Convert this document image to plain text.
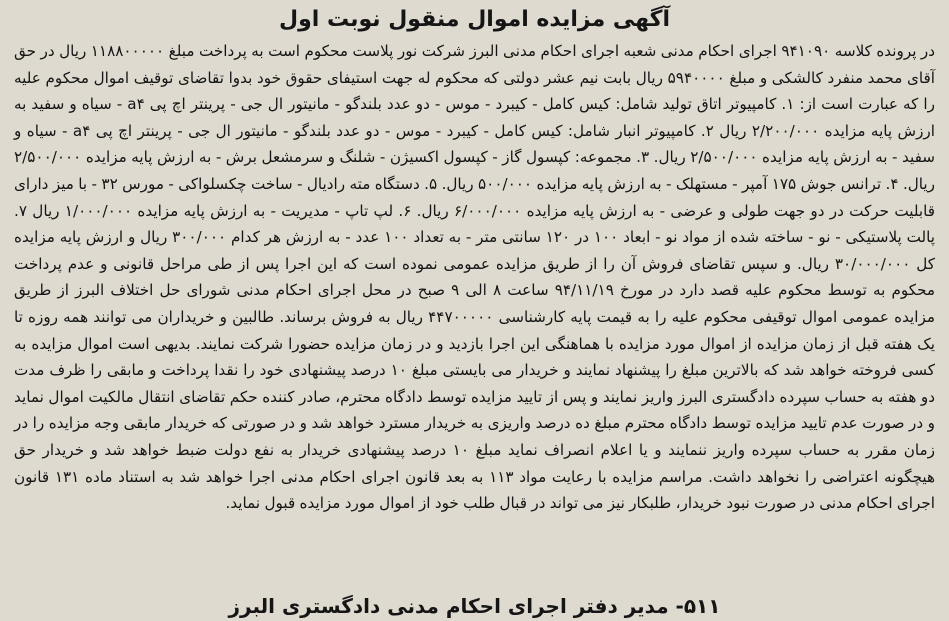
آگهی مزایده اموال منقول نوبت اول

در پرونده کلاسه ۹۴۱۰۹۰ اجرای احکام مدنی شعبه اجرای احکام مدنی البرز شرکت نور پلاست محکوم است به پرداخت مبلغ ۱۱۸۸۰۰۰۰۰ ریال در حق آقای محمد منفرد کالشکی و مبلغ ۵۹۴۰۰۰۰ ریال بابت نیم عشر دولتی که محکوم له جهت استیفای حقوق خود بدوا تقاضای توقیف اموال محکوم علیه را که عبارت است از: ۱. کامپیوتر اتاق تولید شامل: کیس کامل - کیبرد - موس - دو عدد بلندگو - مانیتور ال جی - پرینتر اچ پی a۴ - سیاه و سفید به ارزش پایه مزایده ۲/۲۰۰/۰۰۰ ریال ۲. کامپیوتر انبار شامل: کیس کامل - کیبرد - موس - دو عدد بلندگو - مانیتور ال جی - پرینتر اچ پی a۴ - سیاه و سفید - به ارزش پایه مزایده ۲/۵۰۰/۰۰۰ ریال. ۳. مجموعه: کپسول گاز - کپسول اکسیژن - شلنگ و سرمشعل برش - به ارزش پایه مزایده ۲/۵۰۰/۰۰۰ ریال. ۴. ترانس جوش ۱۷۵ آمپر - مستهلک - به ارزش پایه مزایده ۵۰۰/۰۰۰ ریال. ۵. دستگاه مته رادیال - ساخت چکسلواکی - مورس ۳۲ - با میز دارای قابلیت حرکت در دو جهت طولی و عرضی - به ارزش پایه مزایده ۶/۰۰۰/۰۰۰ ریال. ۶. لپ تاپ - مدیریت - به ارزش پایه مزایده ۱/۰۰۰/۰۰۰ ریال ۷. پالت پلاستیکی - نو - ساخته شده از مواد نو - ابعاد ۱۰۰ در ۱۲۰ سانتی متر - به تعداد ۱۰۰ عدد - به ارزش هر کدام ۳۰۰/۰۰۰ ریال و ارزش پایه مزایده کل ۳۰/۰۰۰/۰۰۰ ریال. و سپس تقاضای فروش آن را از طریق مزایده عمومی نموده است که این اجرا پس از طی مراحل قانونی و عدم پرداخت محکوم به توسط محکوم علیه قصد دارد در مورخ ۹۴/۱۱/۱۹ ساعت ۸ الی ۹ صبح در محل اجرای احکام مدنی شورای حل اختلاف البرز از طریق مزایده عمومی اموال توقیفی محکوم علیه را به قیمت پایه کارشناسی ۴۴۷۰۰۰۰۰ ریال به فروش برساند. طالبین و خریداران می توانند همه روزه تا یک هفته قبل از زمان مزایده از اموال مورد مزایده با هماهنگی این اجرا بازدید و در زمان مزایده حضورا شرکت نمایند. بدیهی است اموال مزایده به کسی فروخته خواهد شد که بالاترین مبلغ را پیشنهاد نمایند و خریدار می بایستی مبلغ ۱۰ درصد پیشنهادی خود را نقدا پرداخت و مابقی را ظرف مدت دو هفته به حساب سپرده دادگستری البرز واریز نمایند و پس از تایید مزایده توسط دادگاه محترم، صادر کننده حکم تقاضای انتقال مالکیت اموال نماید و در صورت عدم تایید مزایده توسط دادگاه محترم مبلغ ده درصد واریزی به خریدار مسترد خواهد شد و در صورتی که خریدار مابقی وجه مزایده را در زمان مقرر به حساب سپرده واریز ننمایند و یا اعلام انصراف نماید مبلغ ۱۰ درصد پیشنهادی خریدار به نفع دولت ضبط خواهد شد و خریدار حق هیچگونه اعتراضی را نخواهد داشت. مراسم مزایده با رعایت مواد ۱۱۳ به بعد قانون اجرای احکام مدنی اجرا خواهد شد به استناد ماده ۱۳۱ قانون اجرای احکام مدنی در صورت نبود خریدار، طلبکار نیز می تواند در قبال طلب خود از اموال مورد مزایده قبول نماید.

۵۱۱- مدیر دفتر اجرای احکام مدنی دادگستری البرز
